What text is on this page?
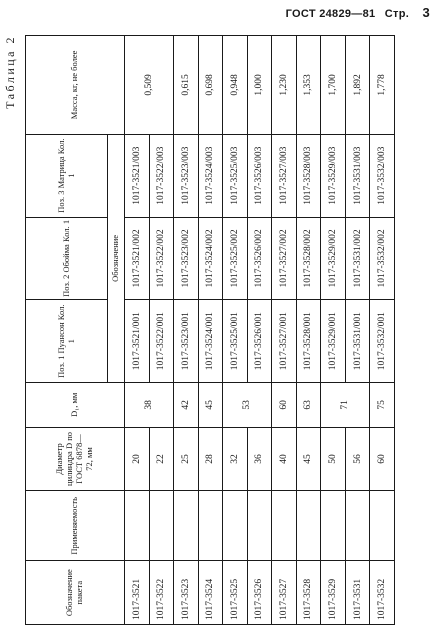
ГОСТ 24829—81 Стр. 3
Таблица 2
Обозначение пакета	Применяемость	Диаметр цилиндра D по ГОСТ 6878—72, мм	D₁, мм	Поз. 1 Пуансон Кол. 1	Поз. 2 Обойма Кол. 1	Поз. 3 Матрица Кол. 1	Масса, кг, не более
				Обозначение			
1017-3521		20	38	1017-3521/001	1017-3521/002	1017-3521/003	0,509
1017-3522		22		1017-3522/001	1017-3522/002	1017-3522/003	
1017-3523		25	42	1017-3523/001	1017-3523/002	1017-3523/003	0,615
1017-3524		28	45	1017-3524/001	1017-3524/002	1017-3524/003	0,698
1017-3525		32	53	1017-3525/001	1017-3525/002	1017-3525/003	0,948
1017-3526		36		1017-3526/001	1017-3526/002	1017-3526/003	1,000
1017-3527		40	60	1017-3527/001	1017-3527/002	1017-3527/003	1,230
1017-3528		45	63	1017-3528/001	1017-3528/002	1017-3528/003	1,353
1017-3529		50	71	1017-3529/001	1017-3529/002	1017-3529/003	1,700
1017-3531		56		1017-3531/001	1017-3531/002	1017-3531/003	1,892
1017-3532		60	75	1017-3532/001	1017-3532/002	1017-3532/003	1,778
